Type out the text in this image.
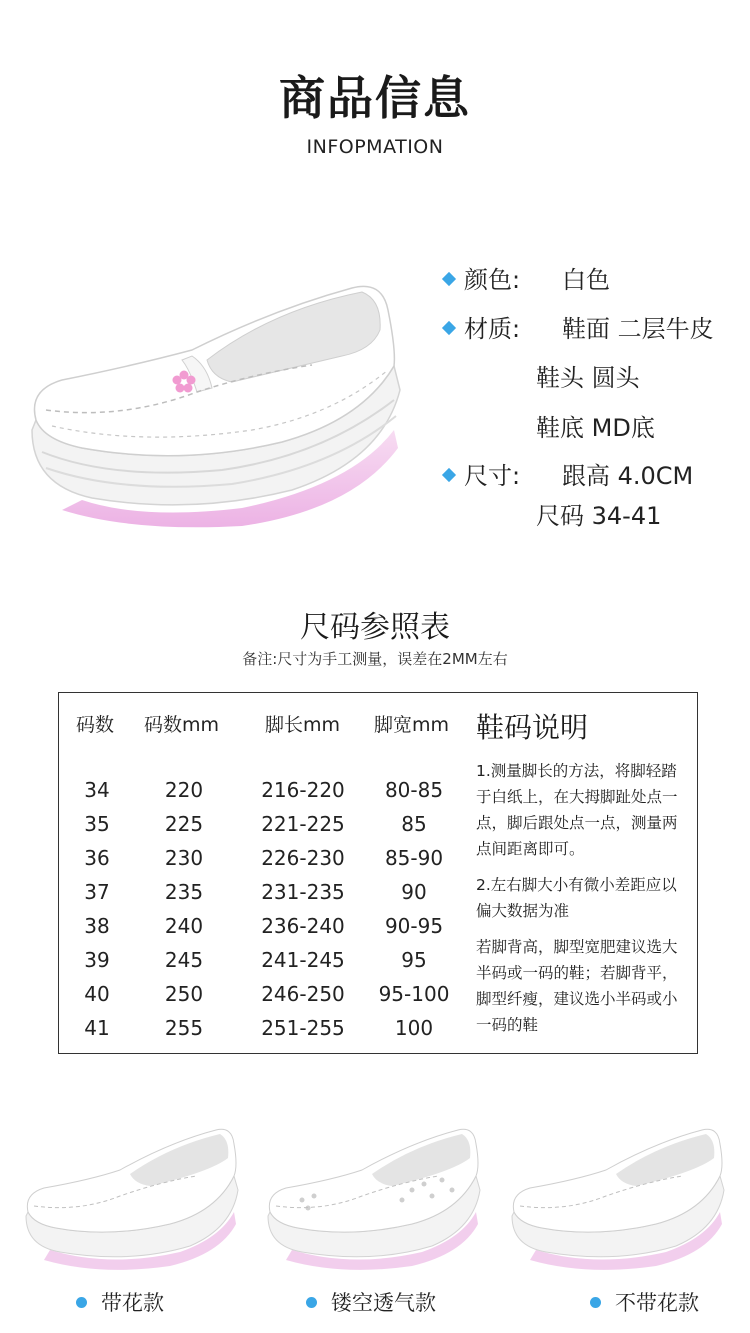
商品信息
INFOPMATION
颜色: 白色
材质: 鞋面 二层牛皮
鞋头 圆头
鞋底 MD底
尺寸: 跟高 4.0CM
尺码 34-41
尺码参照表
备注:尺寸为手工测量，误差在2MM左右
码数 码数mm 脚长mm 脚宽mm
34	220	216-220	80-85
35	225	221-225	85
36	230	226-230	85-90
37	235	231-235	90
38	240	236-240	90-95
39	245	241-245	95
40	250	246-250	95-100
41	255	251-255	100
鞋码说明
1.测量脚长的方法，将脚轻踏于白纸上，在大拇脚趾处点一点，脚后跟处点一点，测量两点间距离即可。
2.左右脚大小有微小差距应以偏大数据为准
若脚背高，脚型宽肥建议选大半码或一码的鞋；若脚背平，脚型纤瘦，建议选小半码或小一码的鞋
带花款	镂空透气款	不带花款
